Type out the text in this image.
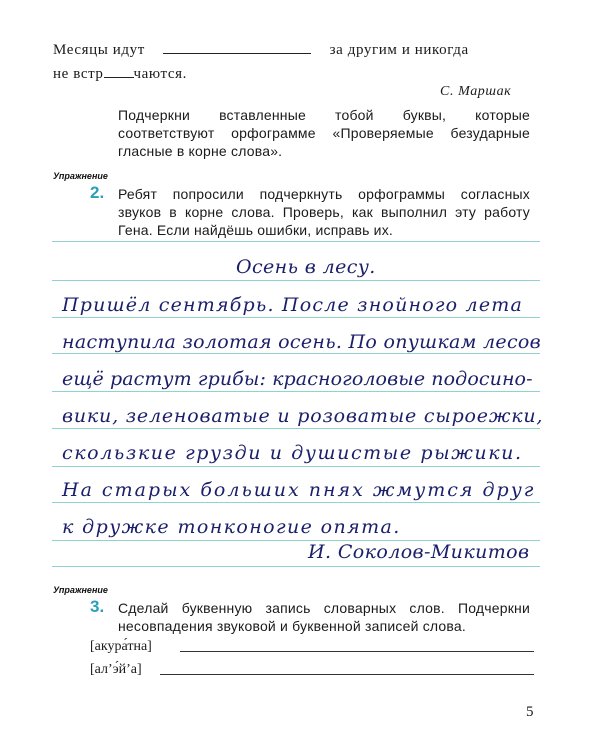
Месяцы идут	за другим и никогда
не встр чаются.
С. Маршак
Подчеркни вставленные тобой буквы, которые соответствуют орфограмме «Проверяемые безударные гласные в корне слова».
Упражнение
2. Ребят попросили подчеркнуть орфограммы согласных звуков в корне слова. Проверь, как выполнил эту работу Гена. Если найдёшь ошибки, исправь их.
Осень в лесу.
Пришёл сентябрь. После знойного лета
наступила золотая осень. По опушкам лесов
ещё растут грибы: красноголовые подосино-
вики, зеленоватые и розоватые сыроежки,
скользкие грузди и душистые рыжики.
На старых больших пнях жмутся друг
к дружке тонконогие опята.
И. Соколов-Микитов
Упражнение
3. Сделай буквенную запись словарных слов. Подчеркни несовпадения звуковой и буквенной записей слова.
[акура́тна]
[ал’э́й’а]
5
